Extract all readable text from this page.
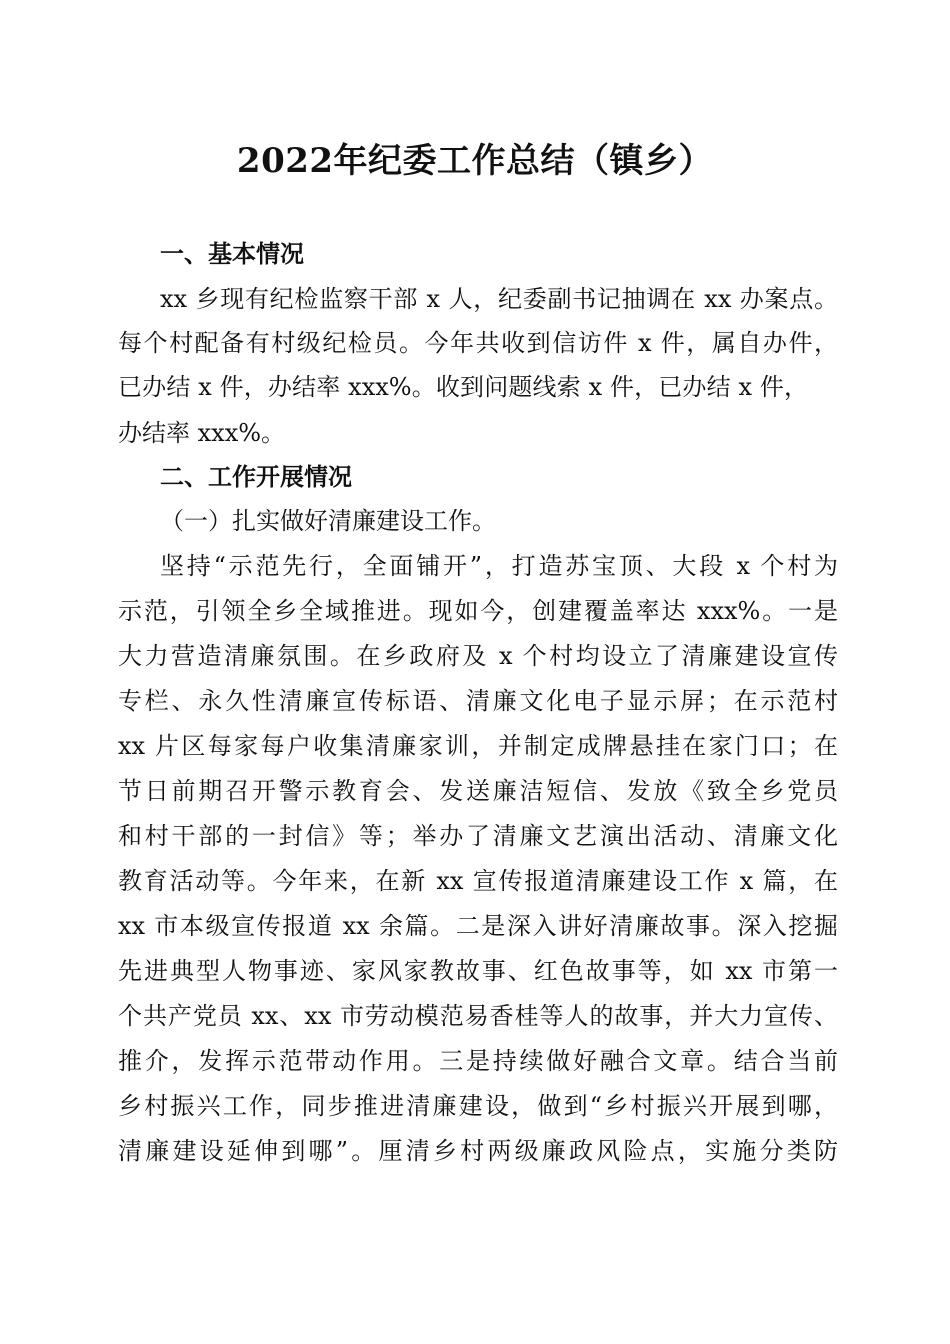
2022年纪委工作总结（镇乡）
一、基本情况
xx 乡现有纪检监察干部 x 人，纪委副书记抽调在 xx 办案点。
每个村配备有村级纪检员。今年共收到信访件 x 件，属自办件，
已办结 x 件，办结率 xxx%。收到问题线索 x 件，已办结 x 件，
办结率 xxx%。
二、工作开展情况
（一）扎实做好清廉建设工作。
坚持“示范先行，全面铺开”，打造苏宝顶、大段 x 个村为
示范，引领全乡全域推进。现如今，创建覆盖率达 xxx%。一是
大力营造清廉氛围。在乡政府及 x 个村均设立了清廉建设宣传
专栏、永久性清廉宣传标语、清廉文化电子显示屏；在示范村
xx 片区每家每户收集清廉家训，并制定成牌悬挂在家门口；在
节日前期召开警示教育会、发送廉洁短信、发放《致全乡党员
和村干部的一封信》等；举办了清廉文艺演出活动、清廉文化
教育活动等。今年来，在新 xx 宣传报道清廉建设工作 x 篇，在
xx 市本级宣传报道 xx 余篇。二是深入讲好清廉故事。深入挖掘
先进典型人物事迹、家风家教故事、红色故事等，如 xx 市第一
个共产党员 xx、xx 市劳动模范易香桂等人的故事，并大力宣传、
推介，发挥示范带动作用。三是持续做好融合文章。结合当前
乡村振兴工作，同步推进清廉建设，做到“乡村振兴开展到哪，
清廉建设延伸到哪”。厘清乡村两级廉政风险点，实施分类防
